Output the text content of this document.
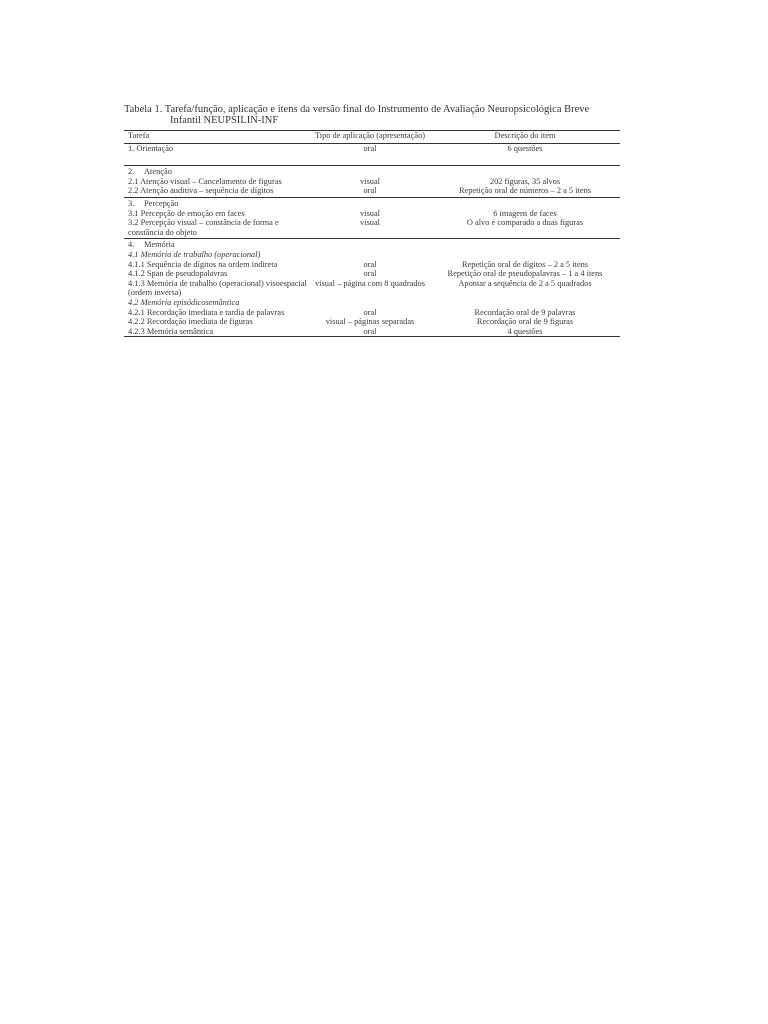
Tabela 1. Tarefa/função, aplicação e itens da versão final do Instrumento de Avaliação Neuropsicológica Breve
Infantil NEUPSILIN-INF

Tarefa	Tipo de aplicação (apresentação)	Descrição do item
1. Orientação	oral	6 questões

2. Atenção		
2.1 Atenção visual – Cancelamento de figuras	visual	202 figuras, 35 alvos
2.2 Atenção auditiva – sequência de dígitos	oral	Repetição oral de números – 2 a 5 itens
3. Percepção		
3.1 Percepção de emoção em faces	visual	6 imagens de faces
3.2 Percepção visual – constância de forma e constância do objeto	visual	O alvo é comparado a duas figuras
4. Memória		
4.1 Memória de trabalho (operacional)		
4.1.1 Sequência de dígitos na ordem indireta	oral	Repetição oral de dígitos – 2 a 5 itens
4.1.2 Span de pseudopalavras	oral	Repetição oral de pseudopalavras – 1 a 4 itens
4.1.3 Memória de trabalho (operacional) visoespacial (ordem inversa)	visual – página com 8 quadrados	Apontar a sequência de 2 a 5 quadrados
4.2 Memória episódicosemântica		
4.2.1 Recordação imediata e tardia de palavras	oral	Recordação oral de 9 palavras
4.2.2 Recordação imediata de figuras	visual – páginas separadas	Recordação oral de 9 figuras
4.2.3 Memória semântica	oral	4 questões
